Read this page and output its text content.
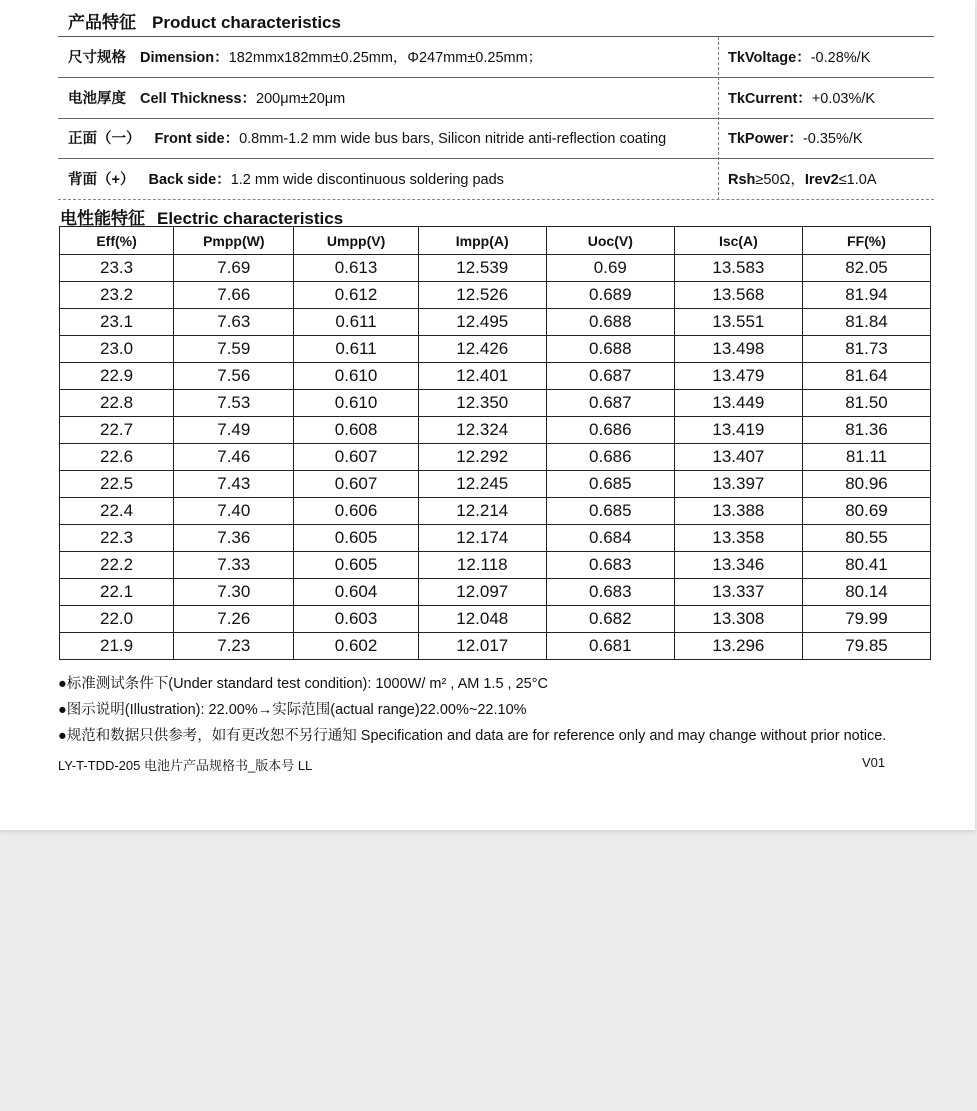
产品特征 Product characteristics
尺寸规格 Dimension：182mmx182mm±0.25mm，Φ247mm±0.25mm；	TkVoltage：-0.28%/K
电池厚度 Cell Thickness：200μm±20μm	TkCurrent：+0.03%/K
正面（一） Front side：0.8mm-1.2 mm wide bus bars, Silicon nitride anti-reflection coating	TkPower：-0.35%/K
背面（+） Back side：1.2 mm wide discontinuous soldering pads	Rsh≥50Ω，Irev2≤1.0A
电性能特征 Electric characteristics
Eff(%)	Pmpp(W)	Umpp(V)	Impp(A)	Uoc(V)	Isc(A)	FF(%)
23.3	7.69	0.613	12.539	0.69	13.583	82.05
23.2	7.66	0.612	12.526	0.689	13.568	81.94
23.1	7.63	0.611	12.495	0.688	13.551	81.84
23.0	7.59	0.611	12.426	0.688	13.498	81.73
22.9	7.56	0.610	12.401	0.687	13.479	81.64
22.8	7.53	0.610	12.350	0.687	13.449	81.50
22.7	7.49	0.608	12.324	0.686	13.419	81.36
22.6	7.46	0.607	12.292	0.686	13.407	81.11
22.5	7.43	0.607	12.245	0.685	13.397	80.96
22.4	7.40	0.606	12.214	0.685	13.388	80.69
22.3	7.36	0.605	12.174	0.684	13.358	80.55
22.2	7.33	0.605	12.118	0.683	13.346	80.41
22.1	7.30	0.604	12.097	0.683	13.337	80.14
22.0	7.26	0.603	12.048	0.682	13.308	79.99
21.9	7.23	0.602	12.017	0.681	13.296	79.85
●标准测试条件下(Under standard test condition): 1000W/ m² , AM 1.5 , 25°C
●图示说明(Illustration): 22.00%→实际范围(actual range)22.00%~22.10%
●规范和数据只供参考，如有更改恕不另行通知 Specification and data are for reference only and may change without prior notice.
LY-T-TDD-205 电池片产品规格书_版本号 LL	V01
